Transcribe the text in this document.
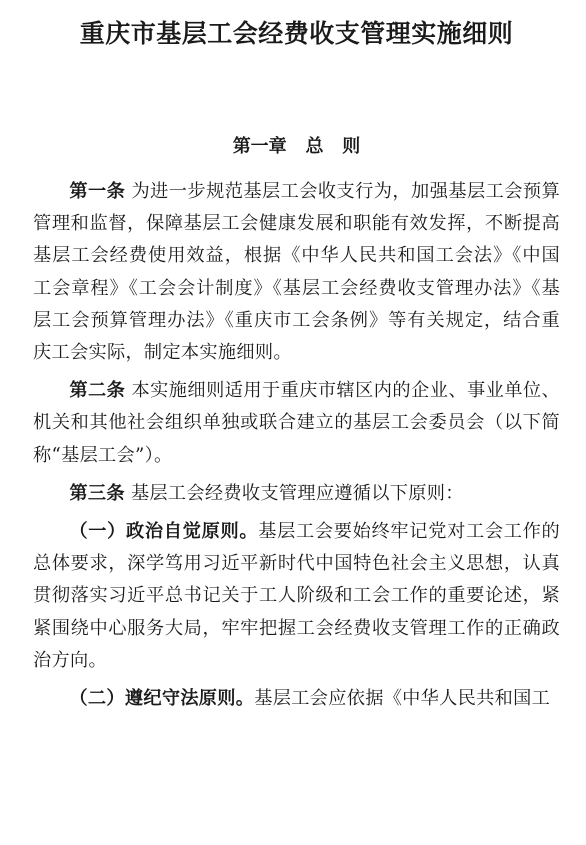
重庆市基层工会经费收支管理实施细则
第一章   总   则

第一条 为进一步规范基层工会收支行为，加强基层工会预算管理和监督，保障基层工会健康发展和职能有效发挥，不断提高基层工会经费使用效益，根据《中华人民共和国工会法》《中国工会章程》《工会会计制度》《基层工会经费收支管理办法》《基层工会预算管理办法》《重庆市工会条例》等有关规定，结合重庆工会实际，制定本实施细则。

第二条 本实施细则适用于重庆市辖区内的企业、事业单位、机关和其他社会组织单独或联合建立的基层工会委员会（以下简称“基层工会”）。

第三条 基层工会经费收支管理应遵循以下原则：

（一）政治自觉原则。基层工会要始终牢记党对工会工作的总体要求，深学笃用习近平新时代中国特色社会主义思想，认真贯彻落实习近平总书记关于工人阶级和工会工作的重要论述，紧紧围绕中心服务大局，牢牢把握工会经费收支管理工作的正确政治方向。

（二）遵纪守法原则。基层工会应依据《中华人民共和国工
